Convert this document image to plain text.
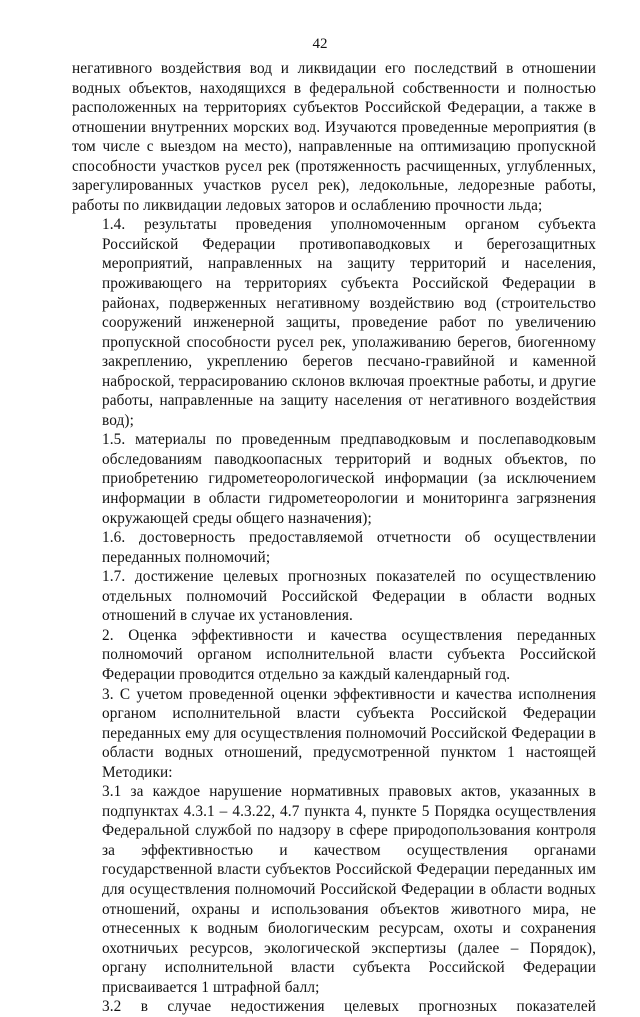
42

негативного воздействия вод и ликвидации его последствий в отношении водных объектов, находящихся в федеральной собственности и полностью расположенных на территориях субъектов Российской Федерации, а также в отношении внутренних морских вод. Изучаются проведенные мероприятия (в том числе с выездом на место), направленные на оптимизацию пропускной способности участков русел рек (протяженность расчищенных, углубленных, зарегулированных участков русел рек), ледокольные, ледорезные работы, работы по ликвидации ледовых заторов и ослаблению прочности льда;

1.4. результаты проведения уполномоченным органом субъекта Российской Федерации противопаводковых и берегозащитных мероприятий, направленных на защиту территорий и населения, проживающего на территориях субъекта Российской Федерации в районах, подверженных негативному воздействию вод (строительство сооружений инженерной защиты, проведение работ по увеличению пропускной способности русел рек, уполаживанию берегов, биогенному закреплению, укреплению берегов песчано-гравийной и каменной наброской, террасированию склонов включая проектные работы, и другие работы, направленные на защиту населения от негативного воздействия вод);

1.5. материалы по проведенным предпаводковым и послепаводковым обследованиям паводкоопасных территорий и водных объектов, по приобретению гидрометеорологической информации (за исключением информации в области гидрометеорологии и мониторинга загрязнения окружающей среды общего назначения);

1.6. достоверность предоставляемой отчетности об осуществлении переданных полномочий;

1.7. достижение целевых прогнозных показателей по осуществлению отдельных полномочий Российской Федерации в области водных отношений в случае их установления.

2. Оценка эффективности и качества осуществления переданных полномочий органом исполнительной власти субъекта Российской Федерации проводится отдельно за каждый календарный год.

3. С учетом проведенной оценки эффективности и качества исполнения органом исполнительной власти субъекта Российской Федерации переданных ему для осуществления полномочий Российской Федерации в области водных отношений, предусмотренной пунктом 1 настоящей Методики:

3.1 за каждое нарушение нормативных правовых актов, указанных в подпунктах 4.3.1 – 4.3.22, 4.7 пункта 4, пункте 5 Порядка осуществления Федеральной службой по надзору в сфере природопользования контроля за эффективностью и качеством осуществления органами государственной власти субъектов Российской Федерации переданных им для осуществления полномочий Российской Федерации в области водных отношений, охраны и использования объектов животного мира, не отнесенных к водным биологическим ресурсам, охоты и сохранения охотничьих ресурсов, экологической экспертизы (далее – Порядок), органу исполнительной власти субъекта Российской Федерации присваивается 1 штрафной балл;

3.2 в случае недостижения целевых прогнозных показателей
